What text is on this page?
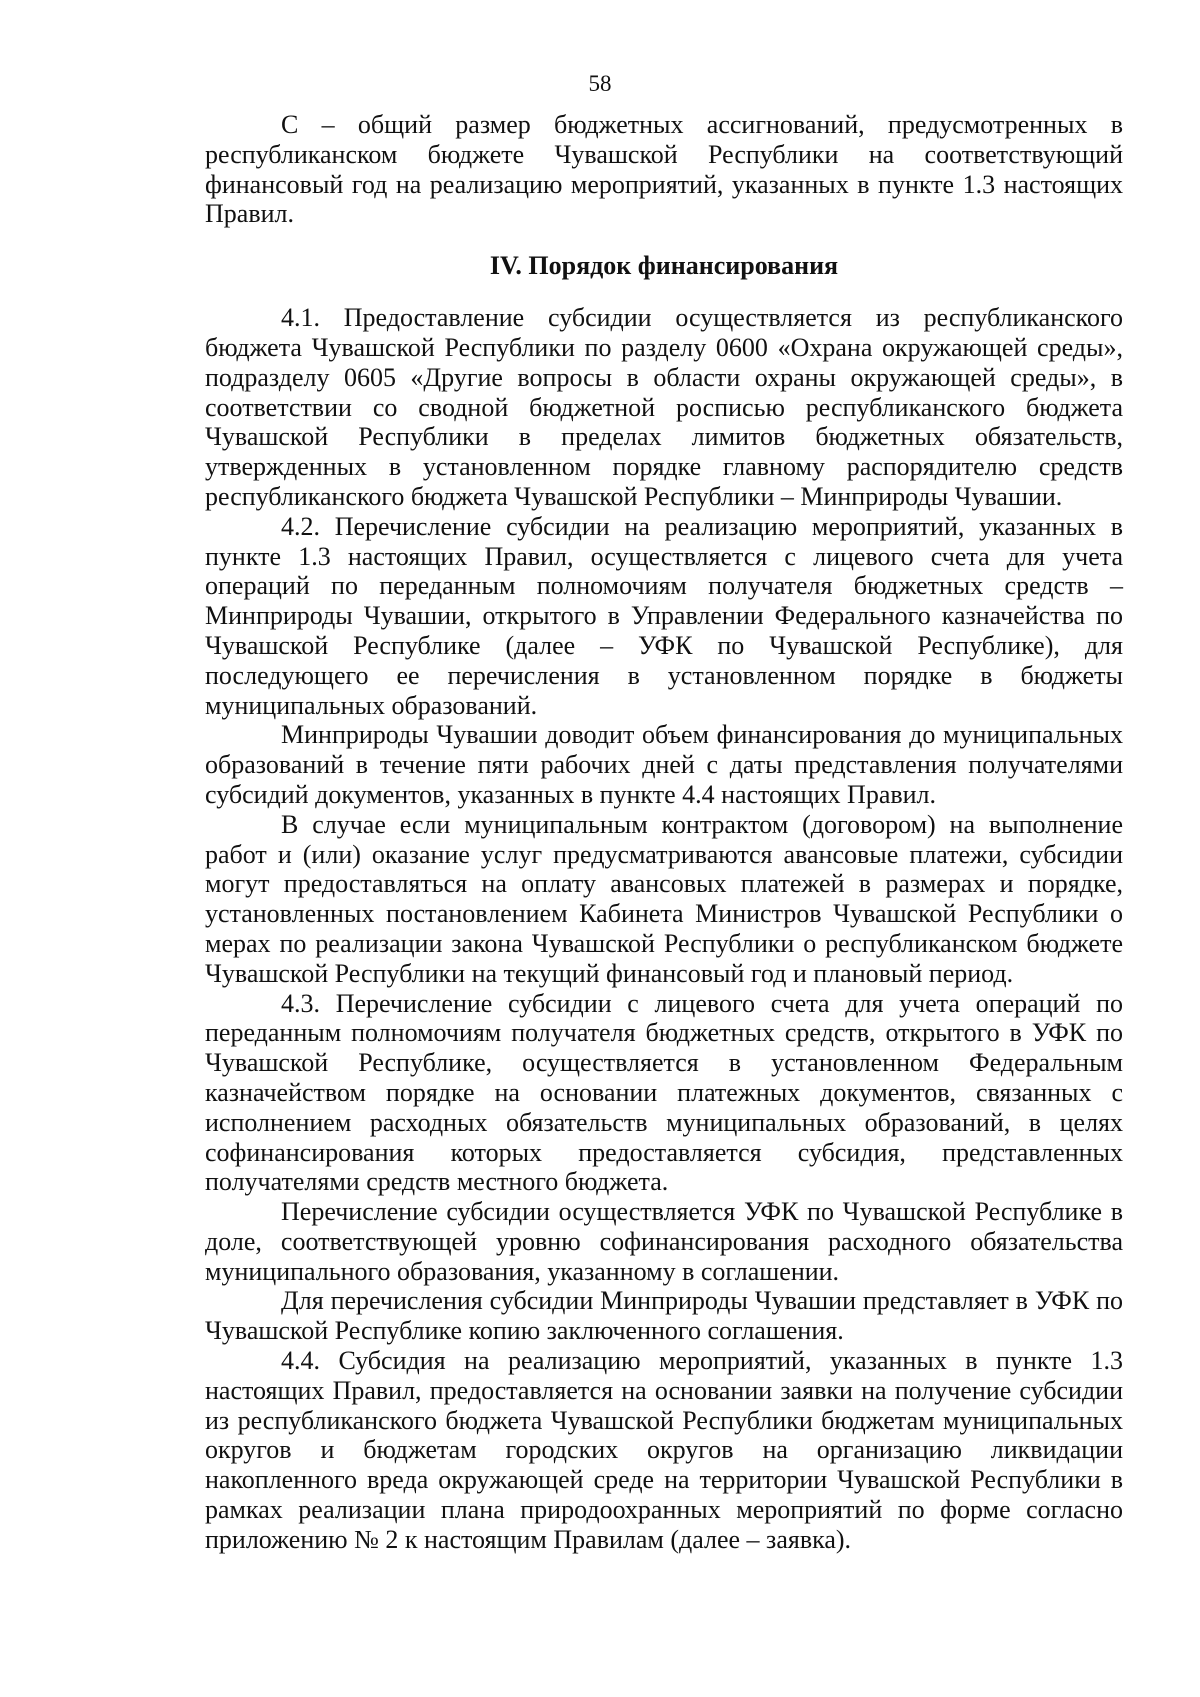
58

С – общий размер бюджетных ассигнований, предусмотренных в республиканском бюджете Чувашской Республики на соответствующий финансовый год на реализацию мероприятий, указанных в пункте 1.3 настоящих Правил.

IV. Порядок финансирования

4.1. Предоставление субсидии осуществляется из республиканского бюджета Чувашской Республики по разделу 0600 «Охрана окружающей среды», подразделу 0605 «Другие вопросы в области охраны окружающей среды», в соответствии со сводной бюджетной росписью республиканского бюджета Чувашской Республики в пределах лимитов бюджетных обязательств, утвержденных в установленном порядке главному распорядителю средств республиканского бюджета Чувашской Республики – Минприроды Чувашии.

4.2. Перечисление субсидии на реализацию мероприятий, указанных в пункте 1.3 настоящих Правил, осуществляется с лицевого счета для учета операций по переданным полномочиям получателя бюджетных средств – Минприроды Чувашии, открытого в Управлении Федерального казначейства по Чувашской Республике (далее – УФК по Чувашской Республике), для последующего ее перечисления в установленном порядке в бюджеты муниципальных образований.

Минприроды Чувашии доводит объем финансирования до муниципальных образований в течение пяти рабочих дней с даты представления получателями субсидий документов, указанных в пункте 4.4 настоящих Правил.

В случае если муниципальным контрактом (договором) на выполнение работ и (или) оказание услуг предусматриваются авансовые платежи, субсидии могут предоставляться на оплату авансовых платежей в размерах и порядке, установленных постановлением Кабинета Министров Чувашской Республики о мерах по реализации закона Чувашской Республики о республиканском бюджете Чувашской Республики на текущий финансовый год и плановый период.

4.3. Перечисление субсидии с лицевого счета для учета операций по переданным полномочиям получателя бюджетных средств, открытого в УФК по Чувашской Республике, осуществляется в установленном Федеральным казначейством порядке на основании платежных документов, связанных с исполнением расходных обязательств муниципальных образований, в целях софинансирования которых предоставляется субсидия, представленных получателями средств местного бюджета.

Перечисление субсидии осуществляется УФК по Чувашской Республике в доле, соответствующей уровню софинансирования расходного обязательства муниципального образования, указанному в соглашении.

Для перечисления субсидии Минприроды Чувашии представляет в УФК по Чувашской Республике копию заключенного соглашения.

4.4. Субсидия на реализацию мероприятий, указанных в пункте 1.3 настоящих Правил, предоставляется на основании заявки на получение субсидии из республиканского бюджета Чувашской Республики бюджетам муниципальных округов и бюджетам городских округов на организацию ликвидации накопленного вреда окружающей среде на территории Чувашской Республики в рамках реализации плана природоохранных мероприятий по форме согласно приложению № 2 к настоящим Правилам (далее – заявка).
